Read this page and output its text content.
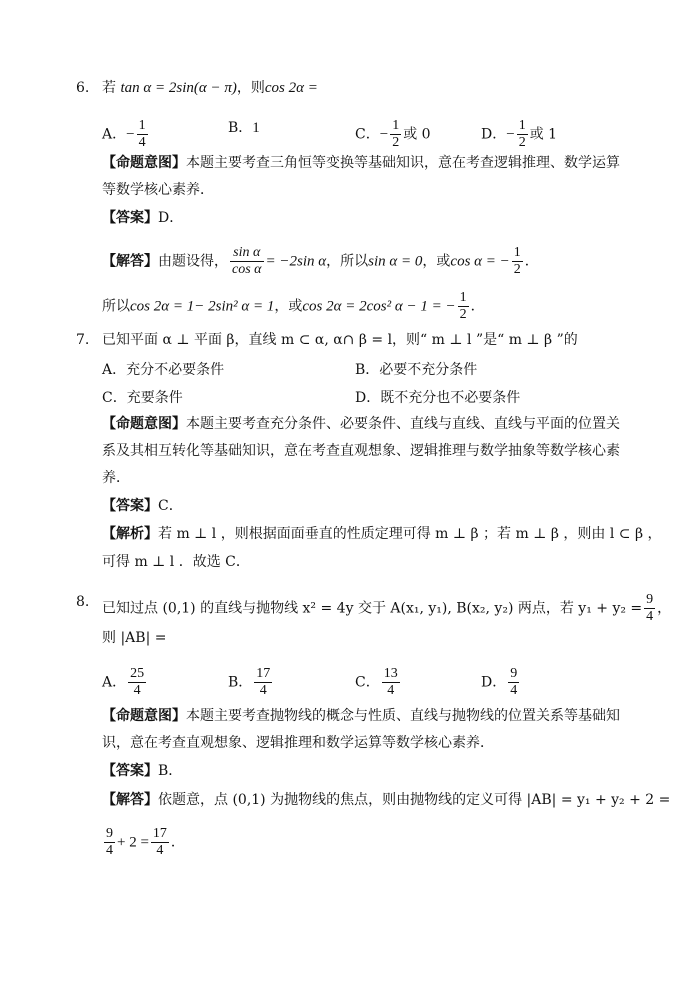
6. 若 tan α = 2sin(α − π)，则cos 2α =
A．− $\frac{1}{4}$	B．1	C．− $\frac{1}{2}$ 或 0	D．− $\frac{1}{2}$ 或 1
【命题意图】本题主要考查三角恒等变换等基础知识，意在考查逻辑推理、数学运算
等数学核心素养．
【答案】D．
【解答】由题设得， $\frac{\text{sin α}}{\text{cos α}} = -2\sin$ α，所以sin α = 0，或cos α = − $\frac{1}{2}$ ．
所以cos 2α = 1− 2sin² α = 1，或cos 2α = 2cos² α − 1 = − $\frac{1}{2}$ ．
7. 已知平面 α ⊥ 平面 β，直线 m ⊂ α, α∩ β = l，则“ m ⊥ l ”是“ m ⊥ β ”的
A．充分不必要条件	B．必要不充分条件
C．充要条件	D．既不充分也不必要条件
【命题意图】本题主要考查充分条件、必要条件、直线与直线、直线与平面的位置关
系及其相互转化等基础知识，意在考查直观想象、逻辑推理与数学抽象等数学核心素
养．
【答案】C．
【解析】若 m ⊥ l ，则根据面面垂直的性质定理可得 m ⊥ β ；若 m ⊥ β ，则由 l ⊂ β ，
可得 m ⊥ l ．故选 C．
8. 已知过点 (0,1) 的直线与抛物线 x² = 4y 交于 A(x₁, y₁), B(x₂, y₂) 两点，若 $y_1 + y_2 = \frac{9}{4}$ ，
则 |AB| =
A． $\frac{25}{4}$	B． $\frac{17}{4}$	C． $\frac{13}{4}$	D． $\frac{9}{4}$
【命题意图】本题主要考查抛物线的概念与性质、直线与抛物线的位置关系等基础知
识，意在考查直观想象、逻辑推理和数学运算等数学核心素养．
【答案】B．
【解答】依题意，点 (0,1) 为抛物线的焦点，则由抛物线的定义可得 |AB| = y₁ + y₂ + 2 =
$\frac{9}{4} + 2 = \frac{17}{4}$ ．
